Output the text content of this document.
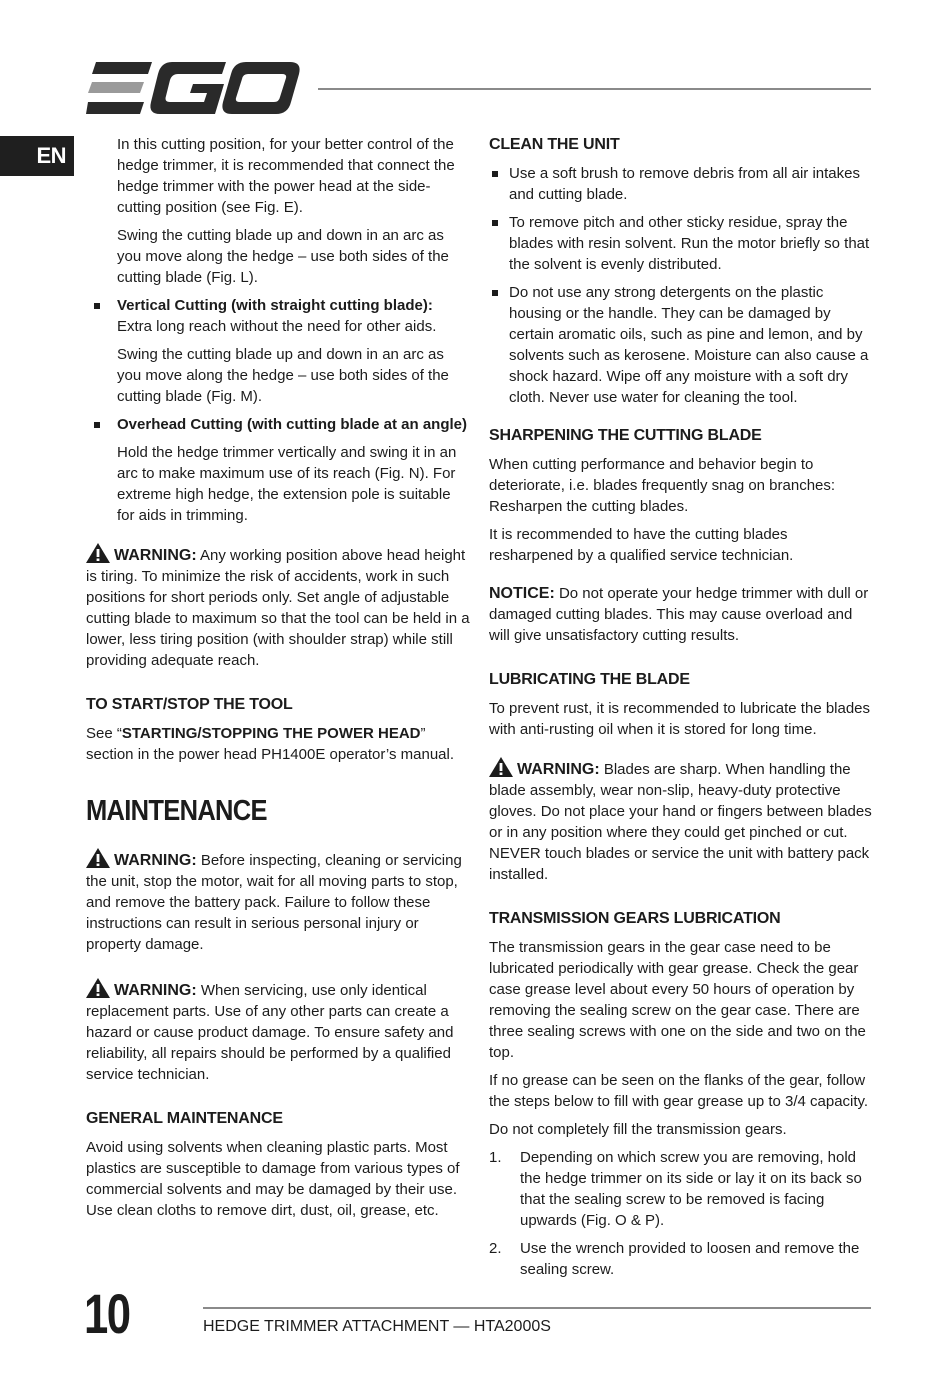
EN	In this cutting position, for your better control of the hedge trimmer, it is recommended that connect the hedge trimmer with the power head at the side-cutting position (see Fig. E).

Swing the cutting blade up and down in an arc as you move along the hedge – use both sides of the cutting blade (Fig. L).

Vertical Cutting (with straight cutting blade):
Extra long reach without the need for other aids.

Swing the cutting blade up and down in an arc as you move along the hedge – use both sides of the cutting blade (Fig. M).

Overhead Cutting (with cutting blade at an angle)

Hold the hedge trimmer vertically and swing it in an arc to make maximum use of its reach (Fig. N). For extreme high hedge, the extension pole is suitable for aids in trimming.

WARNING: Any working position above head height is tiring. To minimize the risk of accidents, work in such positions for short periods only. Set angle of adjustable cutting blade to maximum so that the tool can be held in a lower, less tiring position (with shoulder strap) while still providing adequate reach.

TO START/STOP THE TOOL

See “STARTING/STOPPING THE POWER HEAD” section in the power head PH1400E operator’s manual.

MAINTENANCE

WARNING: Before inspecting, cleaning or servicing the unit, stop the motor, wait for all moving parts to stop, and remove the battery pack. Failure to follow these instructions can result in serious personal injury or property damage.

WARNING: When servicing, use only identical replacement parts. Use of any other parts can create a hazard or cause product damage. To ensure safety and reliability, all repairs should be performed by a qualified service technician.

GENERAL MAINTENANCE

Avoid using solvents when cleaning plastic parts. Most plastics are susceptible to damage from various types of commercial solvents and may be damaged by their use. Use clean cloths to remove dirt, dust, oil, grease, etc.

CLEAN THE UNIT
Use a soft brush to remove debris from all air intakes and cutting blade.
To remove pitch and other sticky residue, spray the blades with resin solvent. Run the motor briefly so that the solvent is evenly distributed.
Do not use any strong detergents on the plastic housing or the handle. They can be damaged by certain aromatic oils, such as pine and lemon, and by solvents such as kerosene. Moisture can also cause a shock hazard. Wipe off any moisture with a soft dry cloth. Never use water for cleaning the tool.
SHARPENING THE CUTTING BLADE

When cutting performance and behavior begin to deteriorate, i.e. blades frequently snag on branches: Resharpen the cutting blades.

It is recommended to have the cutting blades resharpened by a qualified service technician.

NOTICE: Do not operate your hedge trimmer with dull or damaged cutting blades. This may cause overload and will give unsatisfactory cutting results.

LUBRICATING THE BLADE

To prevent rust, it is recommended to lubricate the blades with anti-rusting oil when it is stored for long time.

WARNING: Blades are sharp. When handling the blade assembly, wear non-slip, heavy-duty protective gloves. Do not place your hand or fingers between blades or in any position where they could get pinched or cut. NEVER touch blades or service the unit with battery pack installed.

TRANSMISSION GEARS LUBRICATION

The transmission gears in the gear case need to be lubricated periodically with gear grease. Check the gear case grease level about every 50 hours of operation by removing the sealing screw on the gear case. There are three sealing screws with one on the side and two on the top.

If no grease can be seen on the flanks of the gear, follow the steps below to fill with gear grease up to 3/4 capacity.

Do not completely fill the transmission gears.

1. Depending on which screw you are removing, hold the hedge trimmer on its side or lay it on its back so that the sealing screw to be removed is facing upwards (Fig. O & P).
2. Use the wrench provided to loosen and remove the sealing screw.
10	HEDGE TRIMMER ATTACHMENT — HTA2000S
